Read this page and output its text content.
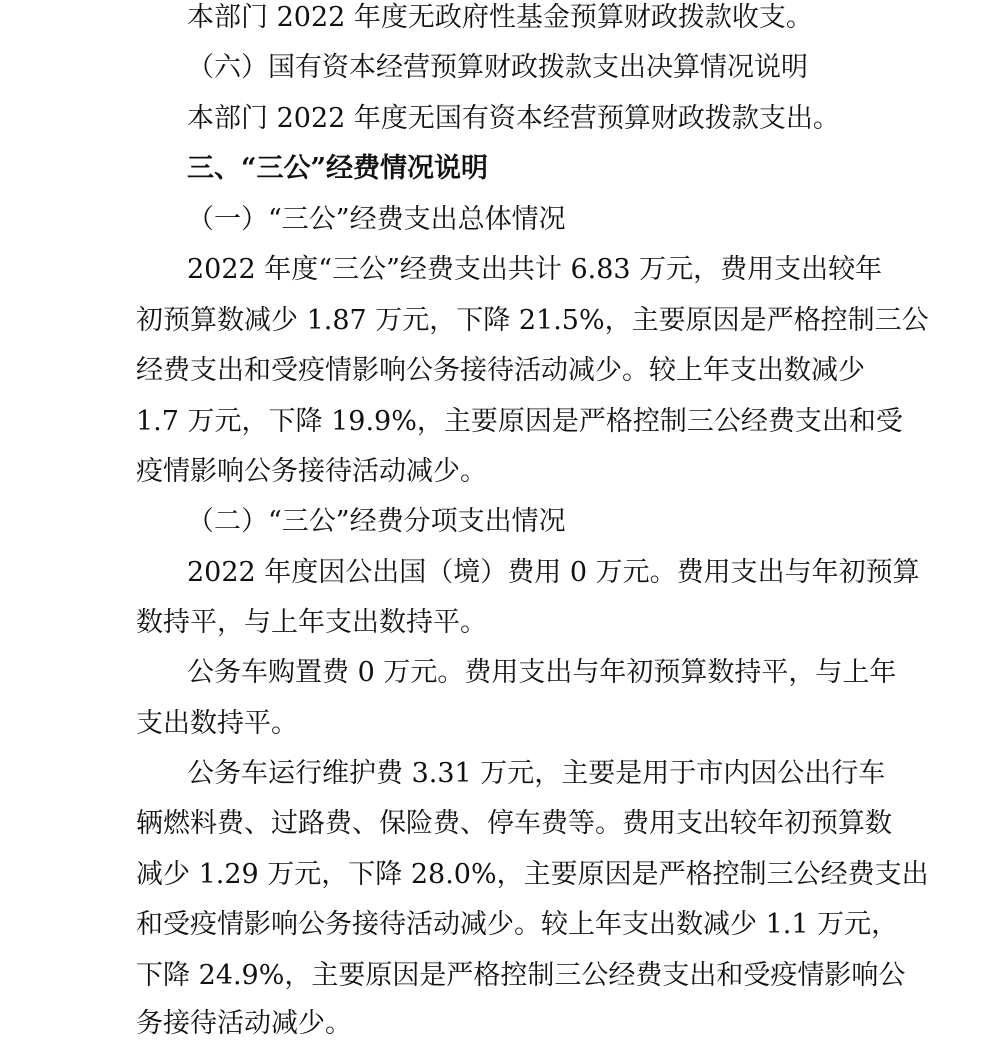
本部门 2022 年度无政府性基金预算财政拨款收支。
（六）国有资本经营预算财政拨款支出决算情况说明
本部门 2022 年度无国有资本经营预算财政拨款支出。
三、“三公”经费情况说明
（一）“三公”经费支出总体情况
2022 年度“三公”经费支出共计 6.83 万元，费用支出较年
初预算数减少 1.87 万元，下降 21.5%，主要原因是严格控制三公
经费支出和受疫情影响公务接待活动减少。较上年支出数减少
1.7 万元，下降 19.9%，主要原因是严格控制三公经费支出和受
疫情影响公务接待活动减少。
（二）“三公”经费分项支出情况
2022 年度因公出国（境）费用 0 万元。费用支出与年初预算
数持平，与上年支出数持平。
公务车购置费 0 万元。费用支出与年初预算数持平，与上年
支出数持平。
公务车运行维护费 3.31 万元，主要是用于市内因公出行车
辆燃料费、过路费、保险费、停车费等。费用支出较年初预算数
减少 1.29 万元，下降 28.0%，主要原因是严格控制三公经费支出
和受疫情影响公务接待活动减少。较上年支出数减少 1.1 万元，
下降 24.9%，主要原因是严格控制三公经费支出和受疫情影响公
务接待活动减少。
